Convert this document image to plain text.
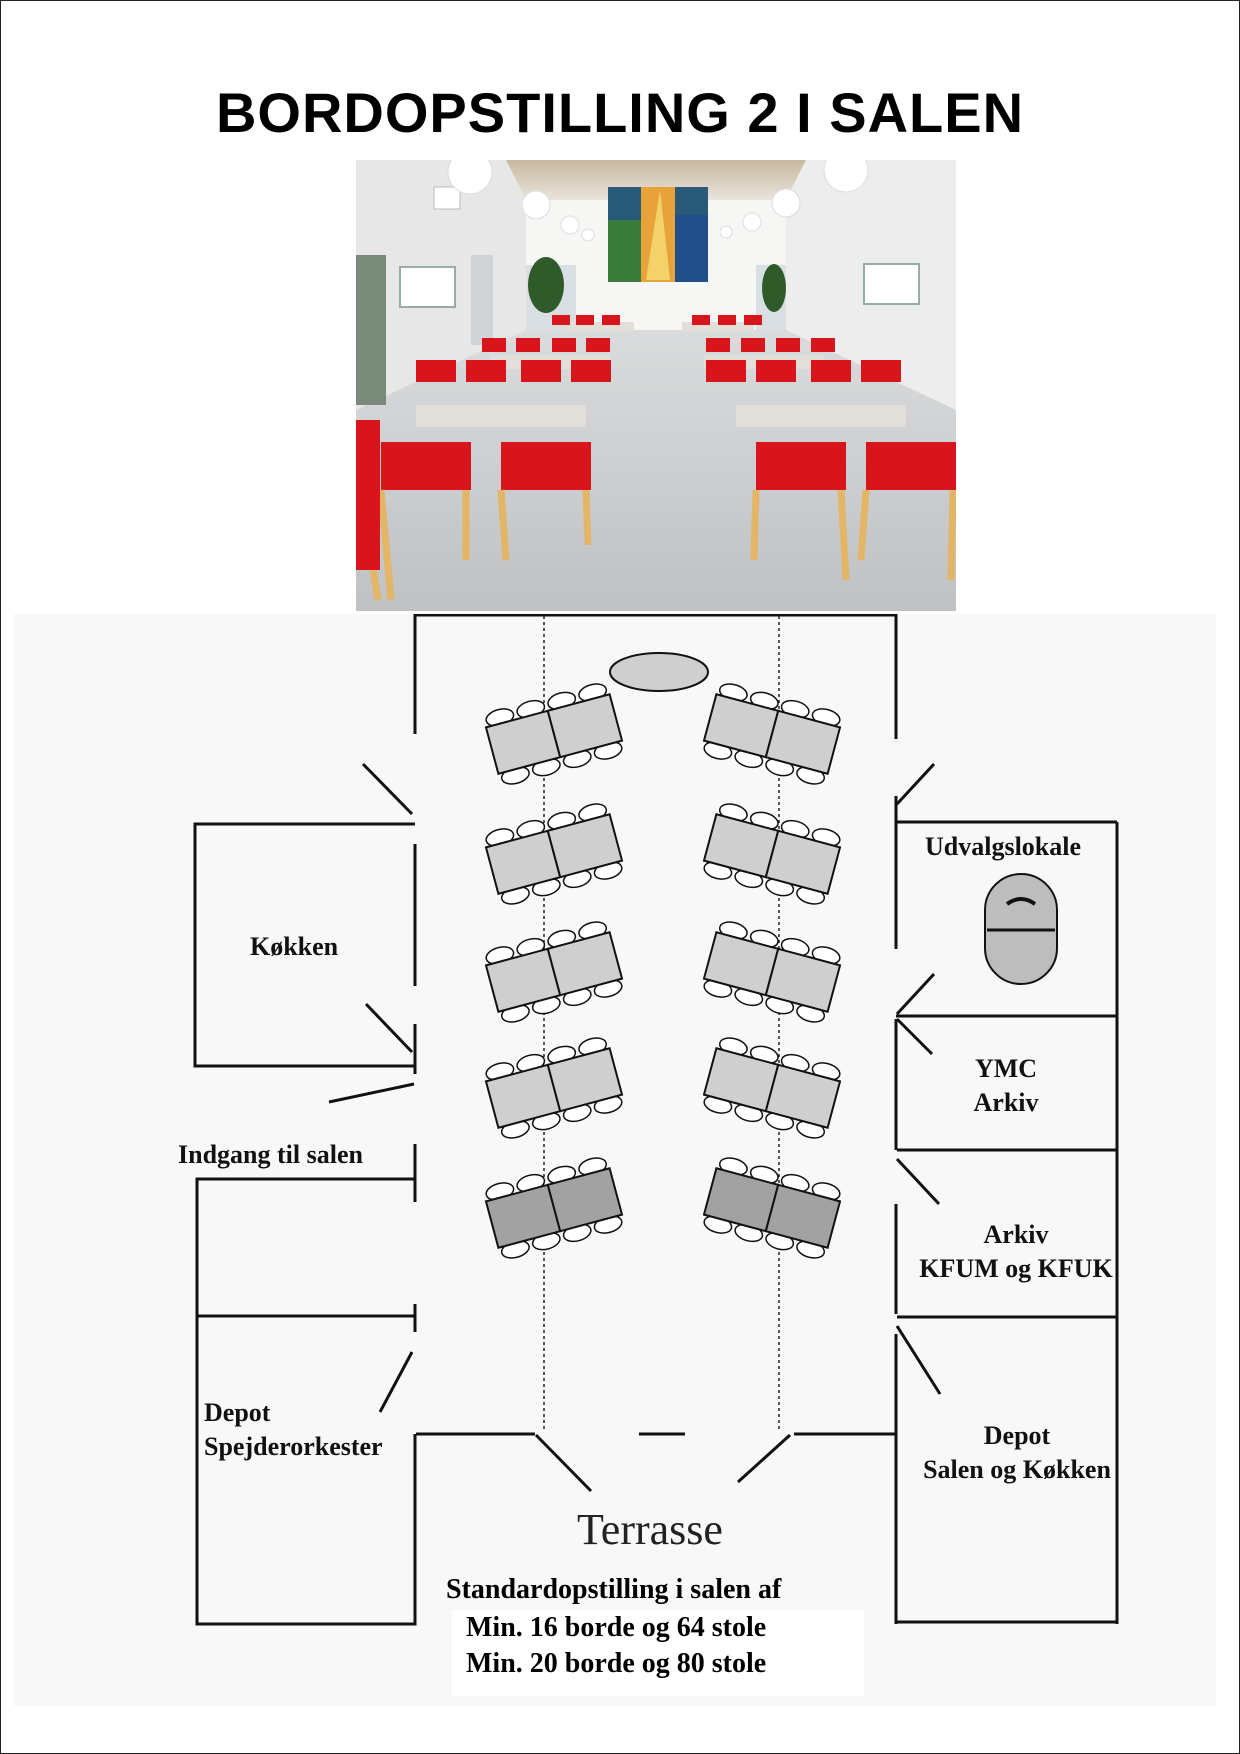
BORDOPSTILLING 2 I SALEN
Køkken
Udvalgslokale
YMC
Arkiv
Arkiv
KFUM og KFUK
Depot
Spejderorkester	Depot
Salen og Køkken
Indgang til salen
Terrasse
Standardopstilling i salen af
Min. 16 borde og 64 stole
Min. 20 borde og 80 stole
